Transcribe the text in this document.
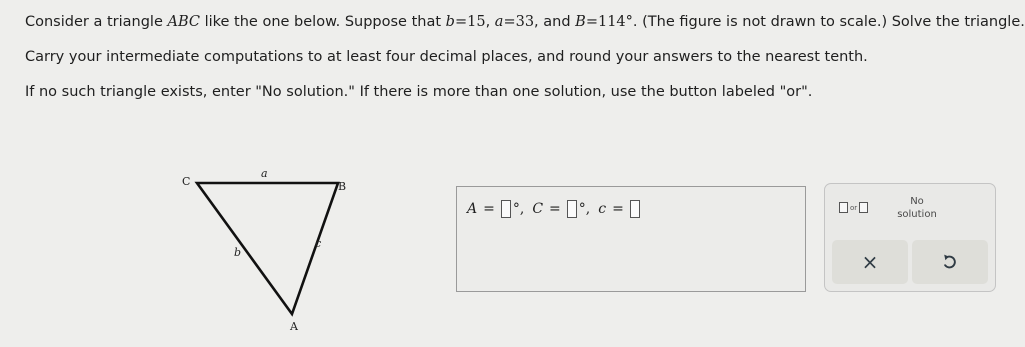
Consider a triangle ABC like the one below. Suppose that b=15, a=33, and B=114°. (The figure is not drawn to scale.) Solve the triangle.

Carry your intermediate computations to at least four decimal places, and round your answers to the nearest tenth.

If no such triangle exists, enter "No solution." If there is more than one solution, use the button labeled "or".

C	B
A
a
b
c
A = °, C = °, c =	or
No
solution
×
